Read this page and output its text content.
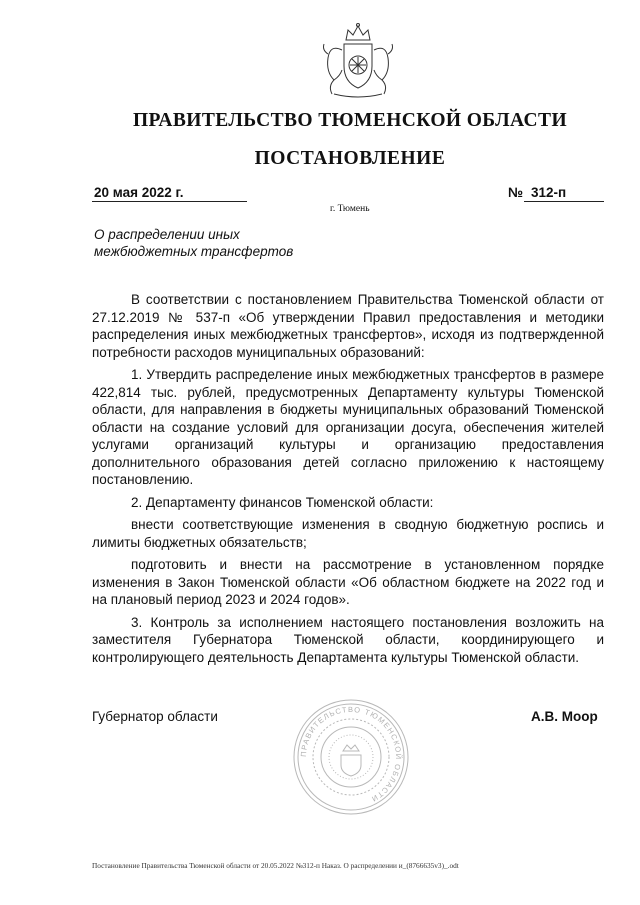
ПРАВИТЕЛЬСТВО ТЮМЕНСКОЙ ОБЛАСТИ
ПОСТАНОВЛЕНИЕ
20 мая 2022 г.	№ 312-п
г. Тюмень
О распределении иных
межбюджетных трансфертов

В соответствии с постановлением Правительства Тюменской области от 27.12.2019 № 537-п «Об утверждении Правил предоставления и методики распределения иных межбюджетных трансфертов», исходя из подтвержденной потребности расходов муниципальных образований:

1. Утвердить распределение иных межбюджетных трансфертов в размере 422,814 тыс. рублей, предусмотренных Департаменту культуры Тюменской области, для направления в бюджеты муниципальных образований Тюменской области на создание условий для организации досуга, обеспечения жителей услугами организаций культуры и организацию предоставления дополнительного образования детей согласно приложению к настоящему постановлению.

2. Департаменту финансов Тюменской области:

внести соответствующие изменения в сводную бюджетную роспись и лимиты бюджетных обязательств;

подготовить и внести на рассмотрение в установленном порядке изменения в Закон Тюменской области «Об областном бюджете на 2022 год и на плановый период 2023 и 2024 годов».

3. Контроль за исполнением настоящего постановления возложить на заместителя Губернатора Тюменской области, координирующего и контролирующего деятельность Департамента культуры Тюменской области.

Губернатор области
ПРАВИТЕЛЬСТВО ТЮМЕНСКОЙ ОБЛАСТИ
А.В. Моор
Постановление Правительства Тюменской области от 20.05.2022 №312-п Наказ. О распределении и_(8766635v3)_.odt
